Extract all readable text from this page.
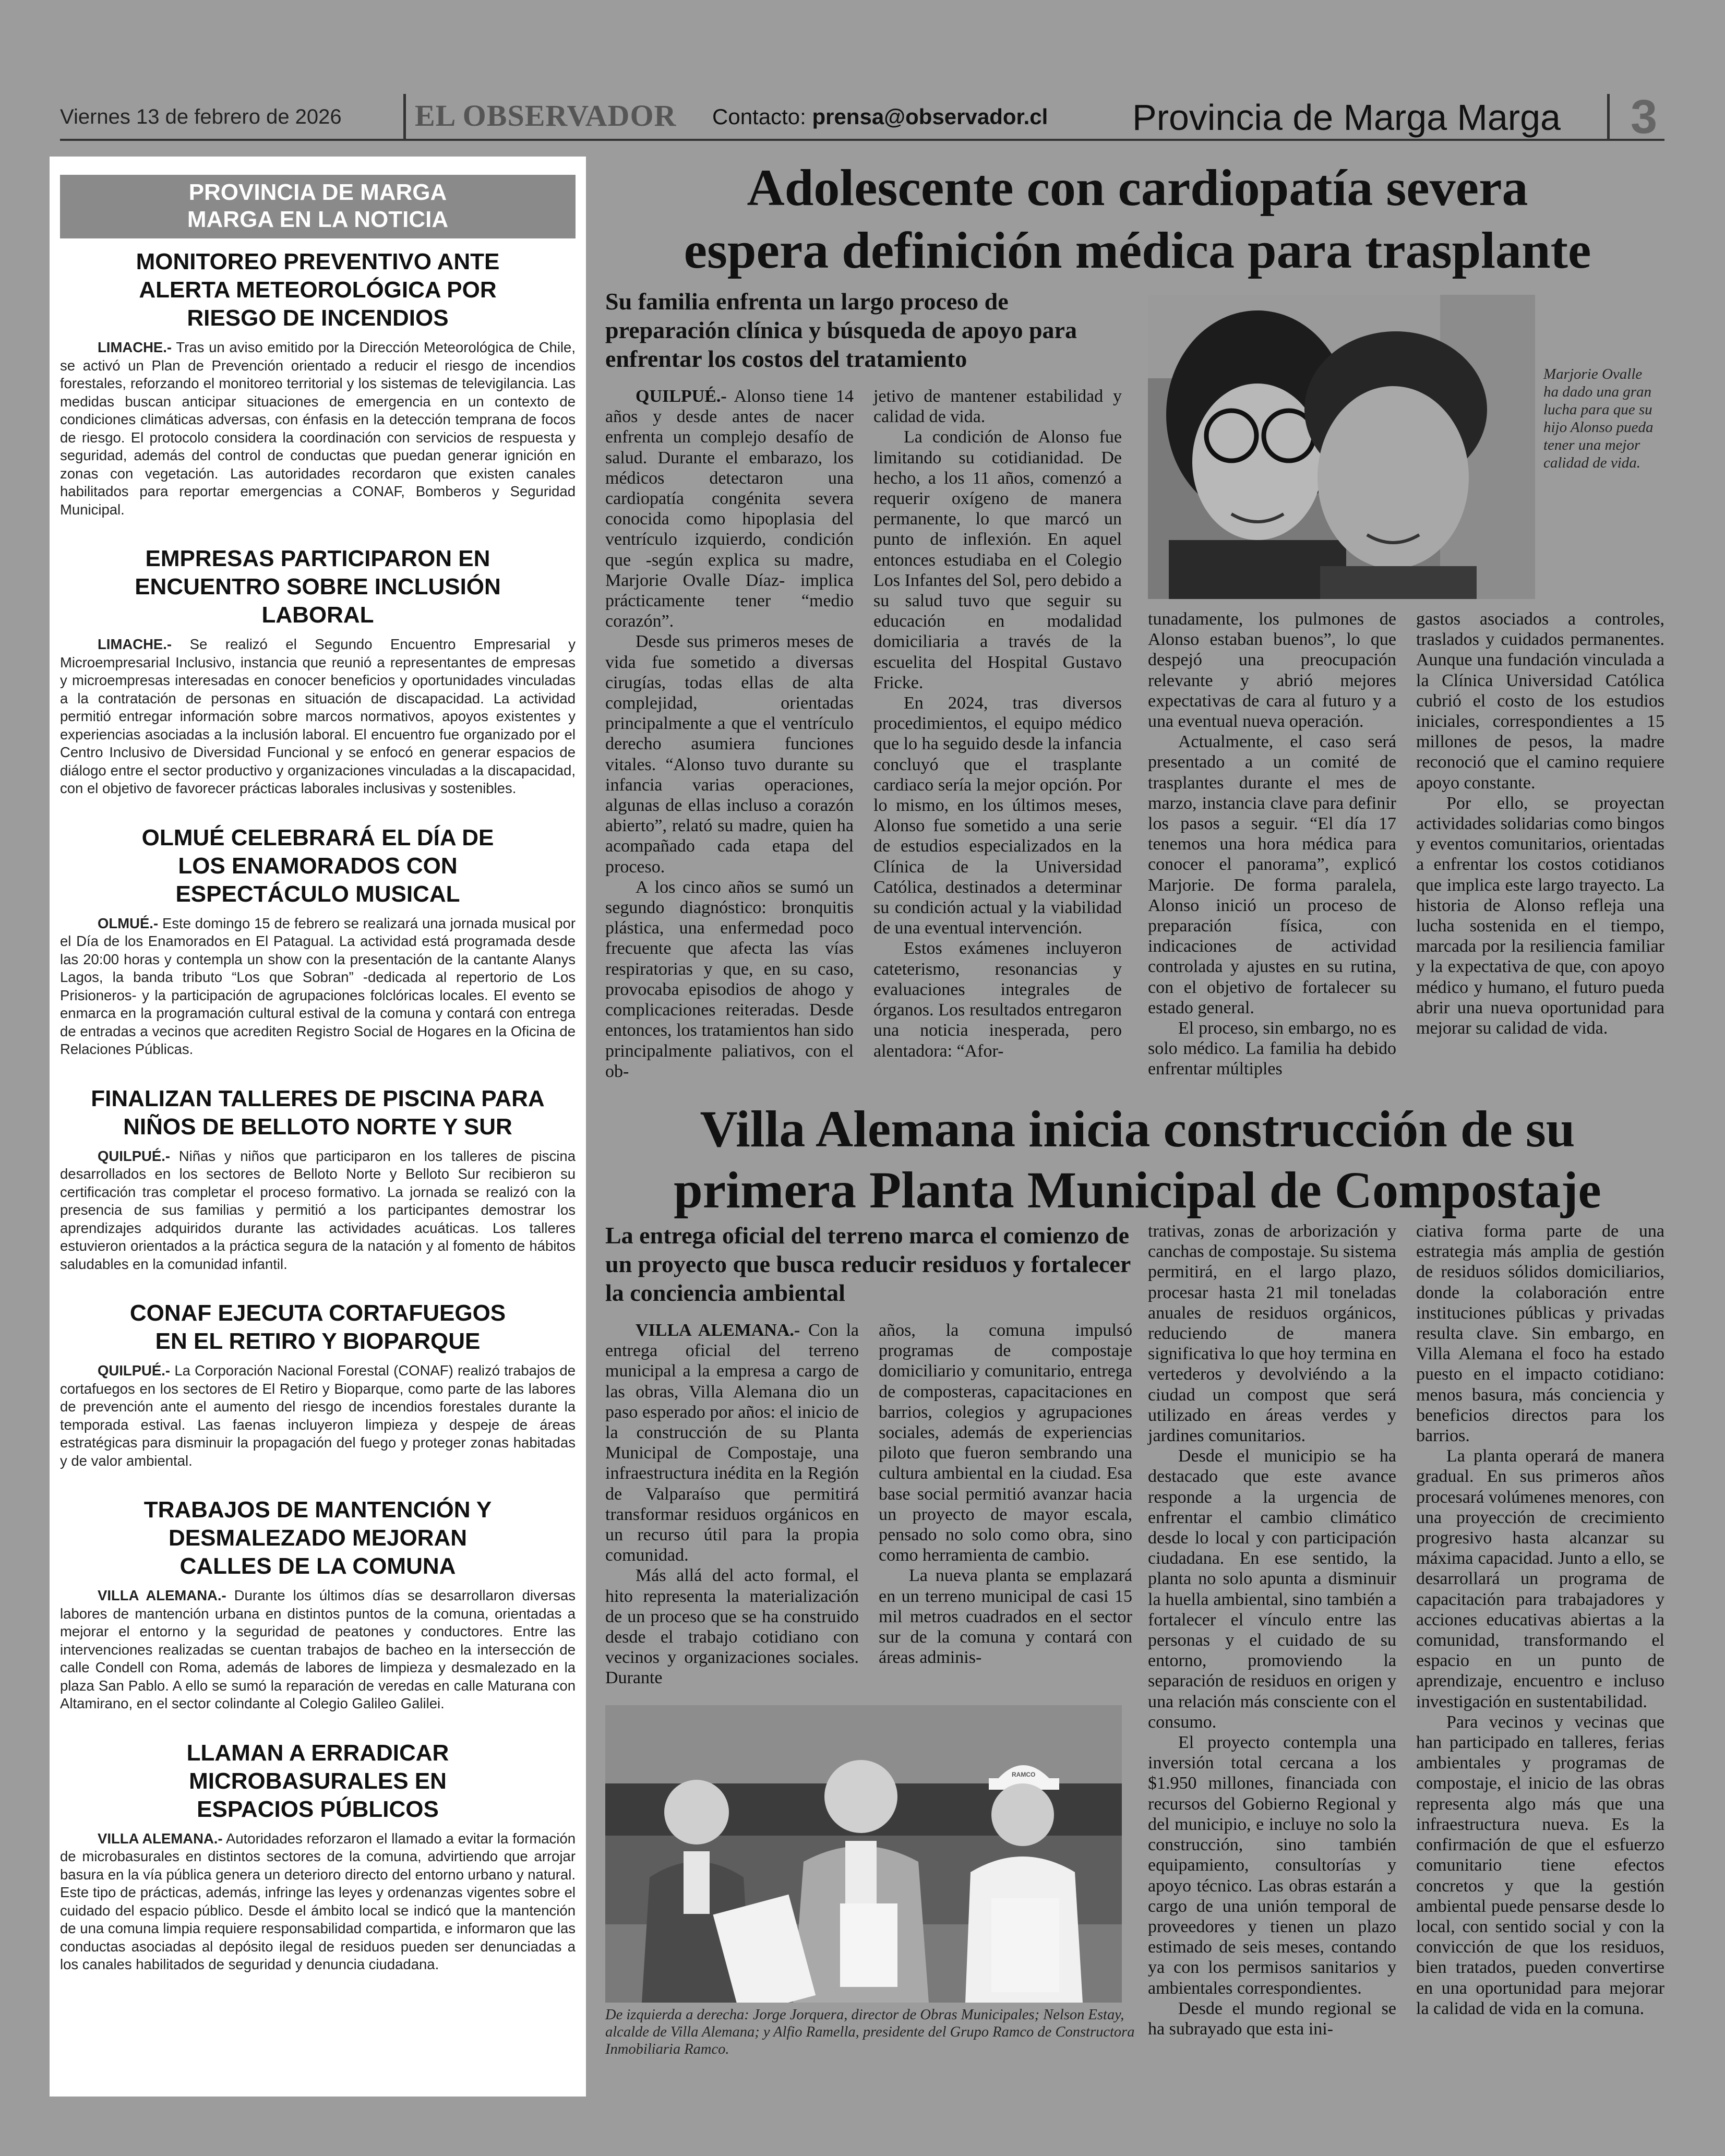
Viernes 13 de febrero de 2026 EL OBSERVADOR Contacto: prensa@observador.cl Provincia de Marga Marga 3
PROVINCIA DE MARGA
MARGA EN LA NOTICIA
MONITOREO PREVENTIVO ANTE ALERTA METEOROLÓGICA POR RIESGO DE INCENDIOS

LIMACHE.- Tras un aviso emitido por la Dirección Meteorológica de Chile, se activó un Plan de Prevención orientado a reducir el riesgo de incendios forestales, reforzando el monitoreo territorial y los sistemas de televigilancia. Las medidas buscan anticipar situaciones de emergencia en un contexto de condiciones climáticas adversas, con énfasis en la detección temprana de focos de riesgo. El protocolo considera la coordinación con servicios de respuesta y seguridad, además del control de conductas que puedan generar ignición en zonas con vegetación. Las autoridades recordaron que existen canales habilitados para reportar emergencias a CONAF, Bomberos y Seguridad Municipal.

EMPRESAS PARTICIPARON EN ENCUENTRO SOBRE INCLUSIÓN LABORAL

LIMACHE.- Se realizó el Segundo Encuentro Empresarial y Microempresarial Inclusivo, instancia que reunió a representantes de empresas y microempresas interesadas en conocer beneficios y oportunidades vinculadas a la contratación de personas en situación de discapacidad. La actividad permitió entregar información sobre marcos normativos, apoyos existentes y experiencias asociadas a la inclusión laboral. El encuentro fue organizado por el Centro Inclusivo de Diversidad Funcional y se enfocó en generar espacios de diálogo entre el sector productivo y organizaciones vinculadas a la discapacidad, con el objetivo de favorecer prácticas laborales inclusivas y sostenibles.

OLMUÉ CELEBRARÁ EL DÍA DE LOS ENAMORADOS CON ESPECTÁCULO MUSICAL

OLMUÉ.- Este domingo 15 de febrero se realizará una jornada musical por el Día de los Enamorados en El Patagual. La actividad está programada desde las 20:00 horas y contempla un show con la presentación de la cantante Alanys Lagos, la banda tributo “Los que Sobran” -dedicada al repertorio de Los Prisioneros- y la participación de agrupaciones folclóricas locales. El evento se enmarca en la programación cultural estival de la comuna y contará con entrega de entradas a vecinos que acrediten Registro Social de Hogares en la Oficina de Relaciones Públicas.

FINALIZAN TALLERES DE PISCINA PARA NIÑOS DE BELLOTO NORTE Y SUR

QUILPUÉ.- Niñas y niños que participaron en los talleres de piscina desarrollados en los sectores de Belloto Norte y Belloto Sur recibieron su certificación tras completar el proceso formativo. La jornada se realizó con la presencia de sus familias y permitió a los participantes demostrar los aprendizajes adquiridos durante las actividades acuáticas. Los talleres estuvieron orientados a la práctica segura de la natación y al fomento de hábitos saludables en la comunidad infantil.

CONAF EJECUTA CORTAFUEGOS EN EL RETIRO Y BIOPARQUE

QUILPUÉ.- La Corporación Nacional Forestal (CONAF) realizó trabajos de cortafuegos en los sectores de El Retiro y Bioparque, como parte de las labores de prevención ante el aumento del riesgo de incendios forestales durante la temporada estival. Las faenas incluyeron limpieza y despeje de áreas estratégicas para disminuir la propagación del fuego y proteger zonas habitadas y de valor ambiental.

TRABAJOS DE MANTENCIÓN Y DESMALEZADO MEJORAN CALLES DE LA COMUNA

VILLA ALEMANA.- Durante los últimos días se desarrollaron diversas labores de mantención urbana en distintos puntos de la comuna, orientadas a mejorar el entorno y la seguridad de peatones y conductores. Entre las intervenciones realizadas se cuentan trabajos de bacheo en la intersección de calle Condell con Roma, además de labores de limpieza y desmalezado en la plaza San Pablo. A ello se sumó la reparación de veredas en calle Maturana con Altamirano, en el sector colindante al Colegio Galileo Galilei.

LLAMAN A ERRADICAR MICROBASURALES EN ESPACIOS PÚBLICOS

VILLA ALEMANA.- Autoridades reforzaron el llamado a evitar la formación de microbasurales en distintos sectores de la comuna, advirtiendo que arrojar basura en la vía pública genera un deterioro directo del entorno urbano y natural. Este tipo de prácticas, además, infringe las leyes y ordenanzas vigentes sobre el cuidado del espacio público. Desde el ámbito local se indicó que la mantención de una comuna limpia requiere responsabilidad compartida, e informaron que las conductas asociadas al depósito ilegal de residuos pueden ser denunciadas a los canales habilitados de seguridad y denuncia ciudadana.

Adolescente con cardiopatía severa
espera definición médica para trasplante
Su familia enfrenta un largo proceso de preparación clínica y búsqueda de apoyo para enfrentar los costos del tratamiento
Marjorie Ovalle ha dado una gran lucha para que su hijo Alonso pueda tener una mejor calidad de vida.

QUILPUÉ.- Alonso tiene 14 años y desde antes de nacer enfrenta un complejo desafío de salud. Durante el embarazo, los médicos detectaron una cardiopatía congénita severa conocida como hipoplasia del ventrículo izquierdo, condición que -según explica su madre, Marjorie Ovalle Díaz- implica prácticamente tener “medio corazón”.

Desde sus primeros meses de vida fue sometido a diversas cirugías, todas ellas de alta complejidad, orientadas principalmente a que el ventrículo derecho asumiera funciones vitales. “Alonso tuvo durante su infancia varias operaciones, algunas de ellas incluso a corazón abierto”, relató su madre, quien ha acompañado cada etapa del proceso.

A los cinco años se sumó un segundo diagnóstico: bronquitis plástica, una enfermedad poco frecuente que afecta las vías respiratorias y que, en su caso, provocaba episodios de ahogo y complicaciones reiteradas. Desde entonces, los tratamientos han sido principalmente paliativos, con el ob-

jetivo de mantener estabilidad y calidad de vida.

La condición de Alonso fue limitando su cotidianidad. De hecho, a los 11 años, comenzó a requerir oxígeno de manera permanente, lo que marcó un punto de inflexión. En aquel entonces estudiaba en el Colegio Los Infantes del Sol, pero debido a su salud tuvo que seguir su educación en modalidad domiciliaria a través de la escuelita del Hospital Gustavo Fricke.

En 2024, tras diversos procedimientos, el equipo médico que lo ha seguido desde la infancia concluyó que el trasplante cardiaco sería la mejor opción. Por lo mismo, en los últimos meses, Alonso fue sometido a una serie de estudios especializados en la Clínica de la Universidad Católica, destinados a determinar su condición actual y la viabilidad de una eventual intervención.

Estos exámenes incluyeron cateterismo, resonancias y evaluaciones integrales de órganos. Los resultados entregaron una noticia inesperada, pero alentadora: “Afor-

tunadamente, los pulmones de Alonso estaban buenos”, lo que despejó una preocupación relevante y abrió mejores expectativas de cara al futuro y a una eventual nueva operación.

Actualmente, el caso será presentado a un comité de trasplantes durante el mes de marzo, instancia clave para definir los pasos a seguir. “El día 17 tenemos una hora médica para conocer el panorama”, explicó Marjorie. De forma paralela, Alonso inició un proceso de preparación física, con indicaciones de actividad controlada y ajustes en su rutina, con el objetivo de fortalecer su estado general.

El proceso, sin embargo, no es solo médico. La familia ha debido enfrentar múltiples

gastos asociados a controles, traslados y cuidados permanentes. Aunque una fundación vinculada a la Clínica Universidad Católica cubrió el costo de los estudios iniciales, correspondientes a 15 millones de pesos, la madre reconoció que el camino requiere apoyo constante.

Por ello, se proyectan actividades solidarias como bingos y eventos comunitarios, orientadas a enfrentar los costos cotidianos que implica este largo trayecto. La historia de Alonso refleja una lucha sostenida en el tiempo, marcada por la resiliencia familiar y la expectativa de que, con apoyo médico y humano, el futuro pueda abrir una nueva oportunidad para mejorar su calidad de vida.

Villa Alemana inicia construcción de su
primera Planta Municipal de Compostaje
La entrega oficial del terreno marca el comienzo de un proyecto que busca reducir residuos y fortalecer la conciencia ambiental

VILLA ALEMANA.- Con la entrega oficial del terreno municipal a la empresa a cargo de las obras, Villa Alemana dio un paso esperado por años: el inicio de la construcción de su Planta Municipal de Compostaje, una infraestructura inédita en la Región de Valparaíso que permitirá transformar residuos orgánicos en un recurso útil para la propia comunidad.

Más allá del acto formal, el hito representa la materialización de un proceso que se ha construido desde el trabajo cotidiano con vecinos y organizaciones sociales. Durante

años, la comuna impulsó programas de compostaje domiciliario y comunitario, entrega de composteras, capacitaciones en barrios, colegios y agrupaciones sociales, además de experiencias piloto que fueron sembrando una cultura ambiental en la ciudad. Esa base social permitió avanzar hacia un proyecto de mayor escala, pensado no solo como obra, sino como herramienta de cambio.

La nueva planta se emplazará en un terreno municipal de casi 15 mil metros cuadrados en el sector sur de la comuna y contará con áreas adminis-

RAMCO
De izquierda a derecha: Jorge Jorquera, director de Obras Municipales; Nelson Estay, alcalde de Villa Alemana; y Alfio Ramella, presidente del Grupo Ramco de Constructora Inmobiliaria Ramco.

trativas, zonas de arborización y canchas de compostaje. Su sistema permitirá, en el largo plazo, procesar hasta 21 mil toneladas anuales de residuos orgánicos, reduciendo de manera significativa lo que hoy termina en vertederos y devolviéndo a la ciudad un compost que será utilizado en áreas verdes y jardines comunitarios.

Desde el municipio se ha destacado que este avance responde a la urgencia de enfrentar el cambio climático desde lo local y con participación ciudadana. En ese sentido, la planta no solo apunta a disminuir la huella ambiental, sino también a fortalecer el vínculo entre las personas y el cuidado de su entorno, promoviendo la separación de residuos en origen y una relación más consciente con el consumo.

El proyecto contempla una inversión total cercana a los $1.950 millones, financiada con recursos del Gobierno Regional y del municipio, e incluye no solo la construcción, sino también equipamiento, consultorías y apoyo técnico. Las obras estarán a cargo de una unión temporal de proveedores y tienen un plazo estimado de seis meses, contando ya con los permisos sanitarios y ambientales correspondientes.

Desde el mundo regional se ha subrayado que esta ini-

ciativa forma parte de una estrategia más amplia de gestión de residuos sólidos domiciliarios, donde la colaboración entre instituciones públicas y privadas resulta clave. Sin embargo, en Villa Alemana el foco ha estado puesto en el impacto cotidiano: menos basura, más conciencia y beneficios directos para los barrios.

La planta operará de manera gradual. En sus primeros años procesará volúmenes menores, con una proyección de crecimiento progresivo hasta alcanzar su máxima capacidad. Junto a ello, se desarrollará un programa de capacitación para trabajadores y acciones educativas abiertas a la comunidad, transformando el espacio en un punto de aprendizaje, encuentro e incluso investigación en sustentabilidad.

Para vecinos y vecinas que han participado en talleres, ferias ambientales y programas de compostaje, el inicio de las obras representa algo más que una infraestructura nueva. Es la confirmación de que el esfuerzo comunitario tiene efectos concretos y que la gestión ambiental puede pensarse desde lo local, con sentido social y con la convicción de que los residuos, bien tratados, pueden convertirse en una oportunidad para mejorar la calidad de vida en la comuna.
